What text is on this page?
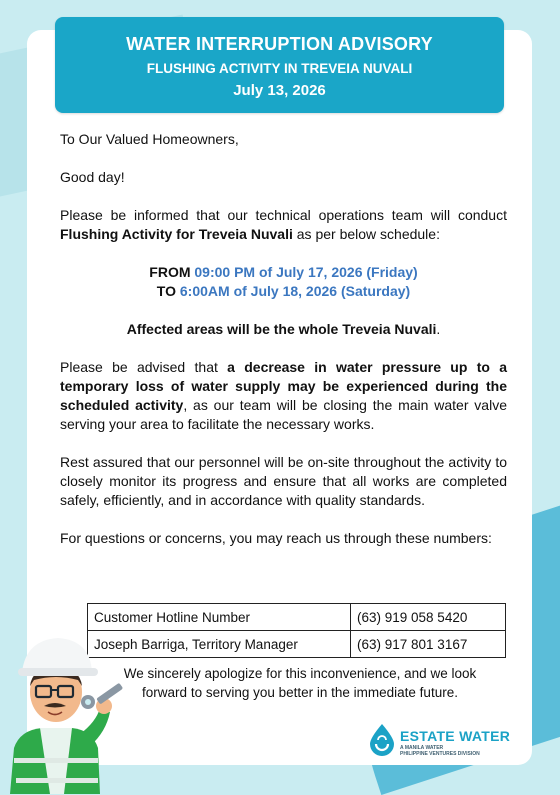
WATER INTERRUPTION ADVISORY
FLUSHING ACTIVITY IN TREVEIA NUVALI
July 13, 2026

To Our Valued Homeowners,

Good day!

Please be informed that our technical operations team will conduct Flushing Activity for Treveia Nuvali as per below schedule:

FROM 09:00 PM of July 17, 2026 (Friday)
TO 6:00AM of July 18, 2026 (Saturday)

Affected areas will be the whole Treveia Nuvali.

Please be advised that a decrease in water pressure up to a temporary loss of water supply may be experienced during the scheduled activity, as our team will be closing the main water valve serving your area to facilitate the necessary works.

Rest assured that our personnel will be on-site throughout the activity to closely monitor its progress and ensure that all works are completed safely, efficiently, and in accordance with quality standards.

For questions or concerns, you may reach us through these numbers:

Customer Hotline Number	(63) 919 058 5420
Joseph Barriga, Territory Manager	(63) 917 801 3167
We sincerely apologize for this inconvenience, and we look
forward to serving you better in the immediate future.
ESTATE WATER
A MANILA WATER
PHILIPPINE VENTURES DIVISION
